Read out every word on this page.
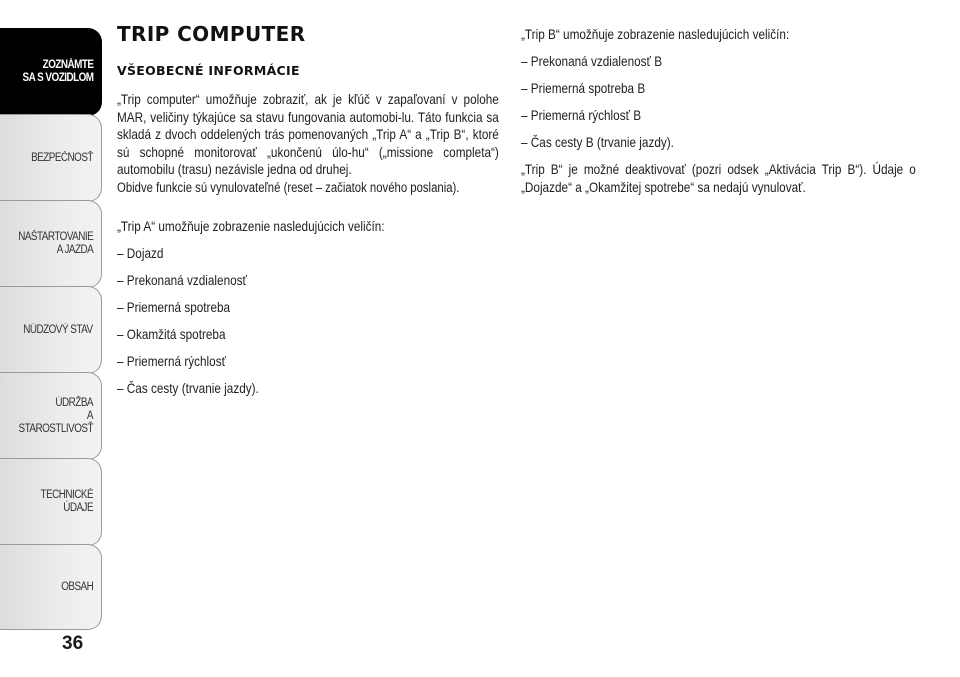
ZOZNÁMTE
SA S VOZIDLOM
BEZPEČNOSŤ
NAŠTARTOVANIE
A JAZDA
NÚDZOVÝ STAV
ÚDRŽBA
A STAROSTLIVOSŤ
TECHNICKÉ
ÚDAJE
OBSAH
36
TRIP COMPUTER
VŠEOBECNÉ INFORMÁCIE

„Trip computer“ umožňuje zobraziť, ak je kľúč v zapaľovaní v polohe MAR, veličiny týkajúce sa stavu fungovania automobi-lu. Táto funkcia sa skladá z dvoch oddelených trás pomenovaných „Trip A“ a „Trip B“, ktoré sú schopné monitorovať „ukončenú úlo-hu“ („missione completa“) automobilu (trasu) nezávisle jedna od druhej.

Obidve funkcie sú vynulovateľné (reset – začiatok nového poslania).

„Trip A“ umožňuje zobrazenie nasledujúcich veličín:
– Dojazd
– Prekonaná vzdialenosť
– Priemerná spotreba
– Okamžitá spotreba
– Priemerná rýchlosť
– Čas cesty (trvanie jazdy).
„Trip B“ umožňuje zobrazenie nasledujúcich veličín:
– Prekonaná vzdialenosť B
– Priemerná spotreba B
– Priemerná rýchlosť B
– Čas cesty B (trvanie jazdy).

„Trip B“ je možné deaktivovať (pozri odsek „Aktivácia Trip B“). Údaje o „Dojazde“ a „Okamžitej spotrebe“ sa nedajú vynulovať.
